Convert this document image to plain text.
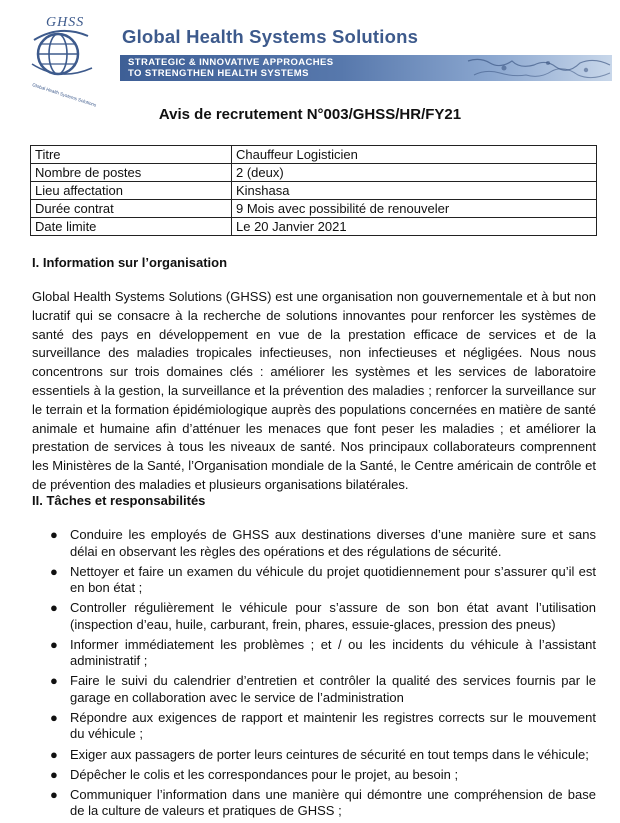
GHSS
Global Health Systems Solutions
Global Health Systems Solutions
STRATEGIC & INNOVATIVE APPROACHES
TO STRENGTHEN HEALTH SYSTEMS
Avis de recrutement N°003/GHSS/HR/FY21
Titre	Chauffeur Logisticien
Nombre de postes	2 (deux)
Lieu affectation	Kinshasa
Durée contrat	9 Mois avec possibilité de renouveler
Date limite	Le 20 Janvier 2021
I. Information sur l’organisation

Global Health Systems Solutions (GHSS) est une organisation non gouvernementale et à but non lucratif qui se consacre à la recherche de solutions innovantes pour renforcer les systèmes de santé des pays en développement en vue de la prestation efficace de services et de la surveillance des maladies tropicales infectieuses, non infectieuses et négligées. Nous nous concentrons sur trois domaines clés : améliorer les systèmes et les services de laboratoire essentiels à la gestion, la surveillance et la prévention des maladies ; renforcer la surveillance sur le terrain et la formation épidémiologique auprès des populations concernées en matière de santé animale et humaine afin d’atténuer les menaces que font peser les maladies ; et améliorer la prestation de services à tous les niveaux de santé. Nos principaux collaborateurs comprennent les Ministères de la Santé, l’Organisation mondiale de la Santé, le Centre américain de contrôle et de prévention des maladies et plusieurs organisations bilatérales.

II. Tâches et responsabilités
● Conduire les employés de GHSS aux destinations diverses d’une manière sure et sans délai en observant les règles des opérations et des régulations de sécurité.
● Nettoyer et faire un examen du véhicule du projet quotidiennement pour s’assurer qu’il est en bon état ;
● Controller régulièrement le véhicule pour s’assure de son bon état avant l’utilisation (inspection d’eau, huile, carburant, frein, phares, essuie-glaces, pression des pneus)
● Informer immédiatement les problèmes ; et / ou les incidents du véhicule à l’assistant administratif ;
● Faire le suivi du calendrier d’entretien et contrôler la qualité des services fournis par le garage en collaboration avec le service de l’administration
● Répondre aux exigences de rapport et maintenir les registres corrects sur le mouvement du véhicule ;
● Exiger aux passagers de porter leurs ceintures de sécurité en tout temps dans le véhicule;
● Dépêcher le colis et les correspondances pour le projet, au besoin ;
● Communiquer l’information dans une manière qui démontre une compréhension de base de la culture de valeurs et pratiques de GHSS ;
